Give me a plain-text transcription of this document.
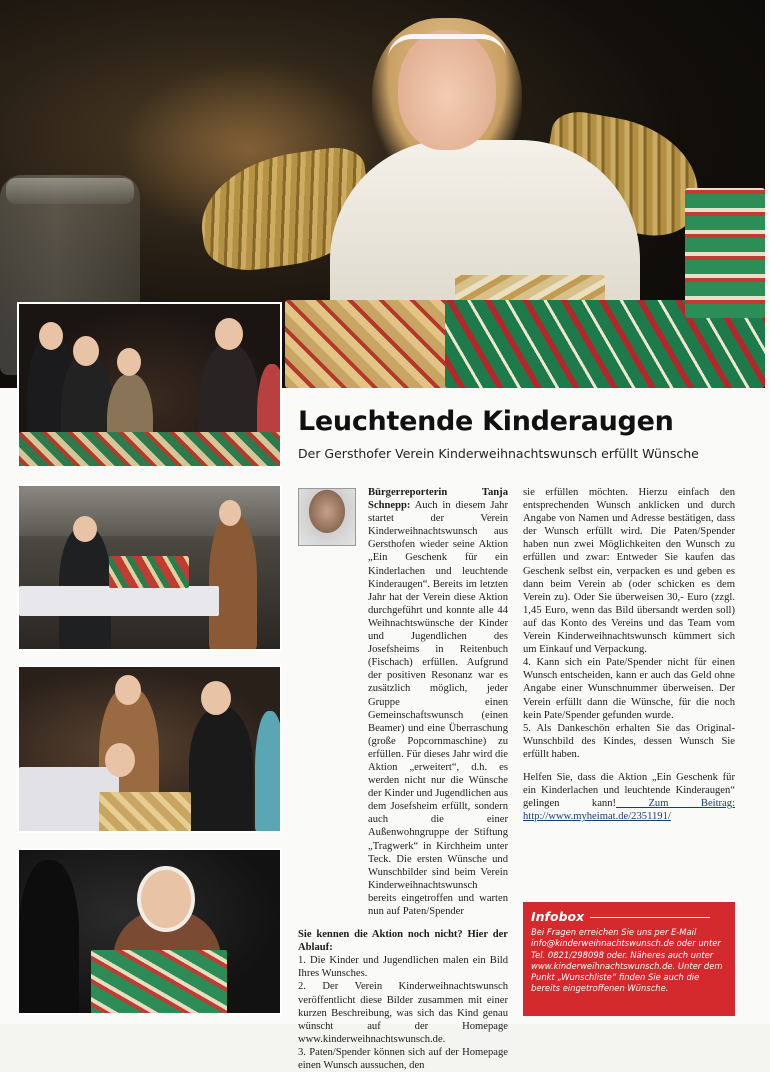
Leuchtende Kinderaugen
Der Gersthofer Verein Kinderweihnachtswunsch erfüllt Wünsche

Bürgerreporterin Tanja Schnepp: Auch in diesem Jahr startet der Verein Kinderweihnachtswunsch aus Gersthofen wieder seine Aktion „Ein Geschenk für ein Kinderlachen und leuchtende Kinderaugen“. Bereits im letzten Jahr hat der Verein diese Aktion durchgeführt und konnte alle 44 Weihnachtswünsche der Kinder und Jugendlichen des Josefsheims in Reitenbuch (Fischach) erfüllen. Aufgrund der positiven Resonanz war es zusätzlich möglich, jeder Gruppe einen Gemeinschaftswunsch (einen Beamer) und eine Überraschung (große Popcornmaschine) zu erfüllen. Für dieses Jahr wird die Aktion „erweitert“, d.h. es werden nicht nur die Wünsche der Kinder und Jugendlichen aus dem Josefsheim erfüllt, sondern auch die einer Außenwohngruppe der Stiftung „Tragwerk“ in Kirchheim unter Teck. Die ersten Wünsche und Wunschbilder sind beim Verein Kinderweihnachtswunsch bereits eingetroffen und warten nun auf Paten/Spender

Sie kennen die Aktion noch nicht? Hier der Ablauf:

1. Die Kinder und Jugendlichen malen ein Bild Ihres Wunsches.

2. Der Verein Kinderweihnachtswunsch veröffentlicht diese Bilder zusammen mit einer kurzen Beschreibung, was sich das Kind genau wünscht auf der Homepage www.kinderweihnachtswunsch.de.

3. Paten/Spender können sich auf der Homepage einen Wunsch aussuchen, den

sie erfüllen möchten. Hierzu einfach den entsprechenden Wunsch anklicken und durch Angabe von Namen und Adresse bestätigen, dass der Wunsch erfüllt wird. Die Paten/Spender haben nun zwei Möglichkeiten den Wunsch zu erfüllen und zwar: Entweder Sie kaufen das Geschenk selbst ein, verpacken es und geben es dann beim Verein ab (oder schicken es dem Verein zu). Oder Sie überweisen 30,- Euro (zzgl. 1,45 Euro, wenn das Bild übersandt werden soll) auf das Konto des Vereins und das Team vom Verein Kinderweihnachtswunsch kümmert sich um Einkauf und Verpackung.

4. Kann sich ein Pate/Spender nicht für einen Wunsch entscheiden, kann er auch das Geld ohne Angabe einer Wunschnummer überweisen. Der Verein erfüllt dann die Wünsche, für die noch kein Pate/Spender gefunden wurde.

5. Als Dankeschön erhalten Sie das Original-Wunschbild des Kindes, dessen Wunsch Sie erfüllt haben.

Helfen Sie, dass die Aktion „Ein Geschenk für ein Kinderlachen und leuchtende Kinderaugen“ gelingen kann! Zum Beitrag: http://www.myheimat.de/2351191/

Infobox
Bei Fragen erreichen Sie uns per E-Mail info@kinderweihnachtswunsch.de oder unter Tel. 0821/298098 oder. Näheres auch unter www.kinderweihnachtswunsch.de. Unter dem Punkt „Wunschliste“ finden Sie auch die bereits eingetroffenen Wünsche.
